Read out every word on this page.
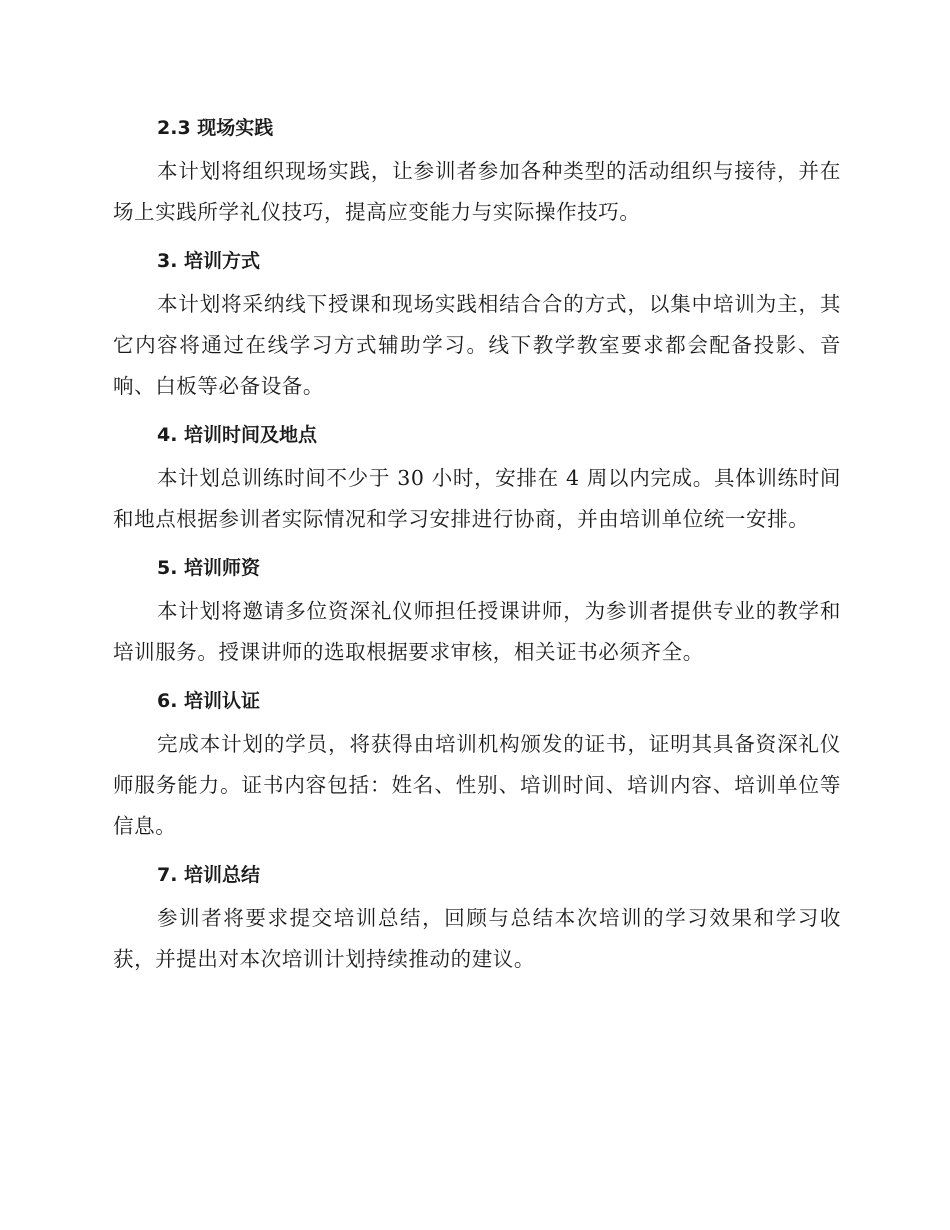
2.3 现场实践

本计划将组织现场实践，让参训者参加各种类型的活动组织与接待，并在场上实践所学礼仪技巧，提高应变能力与实际操作技巧。

3. 培训方式

本计划将采纳线下授课和现场实践相结合合的方式，以集中培训为主，其它内容将通过在线学习方式辅助学习。线下教学教室要求都会配备投影、音响、白板等必备设备。

4. 培训时间及地点

本计划总训练时间不少于 30 小时，安排在 4 周以内完成。具体训练时间和地点根据参训者实际情况和学习安排进行协商，并由培训单位统一安排。

5. 培训师资

本计划将邀请多位资深礼仪师担任授课讲师，为参训者提供专业的教学和培训服务。授课讲师的选取根据要求审核，相关证书必须齐全。

6. 培训认证

完成本计划的学员，将获得由培训机构颁发的证书，证明其具备资深礼仪师服务能力。证书内容包括：姓名、性别、培训时间、培训内容、培训单位等信息。

7. 培训总结

参训者将要求提交培训总结，回顾与总结本次培训的学习效果和学习收获，并提出对本次培训计划持续推动的建议。
